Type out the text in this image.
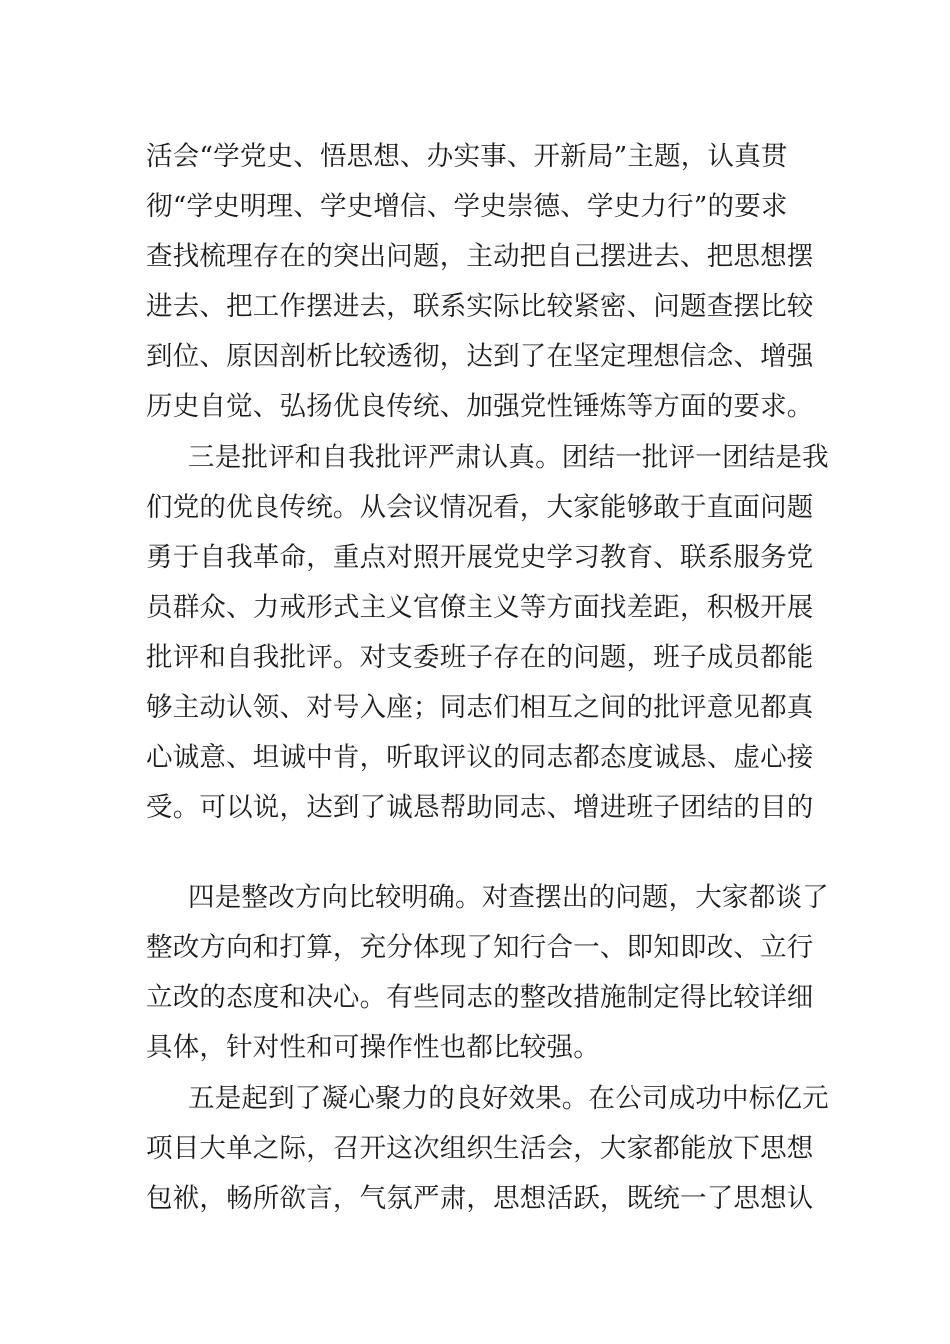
活会“学党史、悟思想、办实事、开新局”主题，认真贯
彻“学史明理、学史增信、学史崇德、学史力行”的要求
查找梳理存在的突出问题，主动把自己摆进去、把思想摆
进去、把工作摆进去，联系实际比较紧密、问题查摆比较
到位、原因剖析比较透彻，达到了在坚定理想信念、增强
历史自觉、弘扬优良传统、加强党性锤炼等方面的要求。
三是批评和自我批评严肃认真。团结一批评一团结是我
们党的优良传统。从会议情况看，大家能够敢于直面问题
勇于自我革命，重点对照开展党史学习教育、联系服务党
员群众、力戒形式主义官僚主义等方面找差距，积极开展
批评和自我批评。对支委班子存在的问题，班子成员都能
够主动认领、对号入座；同志们相互之间的批评意见都真
心诚意、坦诚中肯，听取评议的同志都态度诚恳、虚心接
受。可以说，达到了诚恳帮助同志、增进班子团结的目的
四是整改方向比较明确。对查摆出的问题，大家都谈了
整改方向和打算，充分体现了知行合一、即知即改、立行
立改的态度和决心。有些同志的整改措施制定得比较详细
具体，针对性和可操作性也都比较强。
五是起到了凝心聚力的良好效果。在公司成功中标亿元
项目大单之际，召开这次组织生活会，大家都能放下思想
包袱，畅所欲言，气氛严肃，思想活跃，既统一了思想认
